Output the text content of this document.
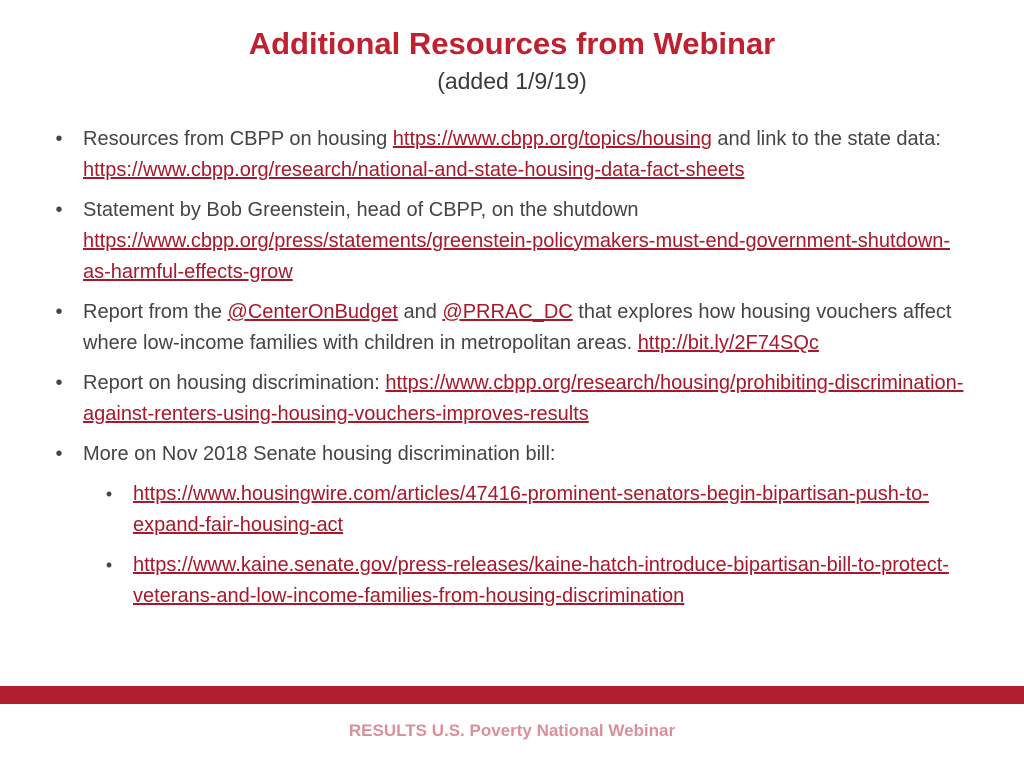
Additional Resources from Webinar
(added 1/9/19)
• Resources from CBPP on housing https://www.cbpp.org/topics/housing and link to the state data: https://www.cbpp.org/research/national-and-state-housing-data-fact-sheets
• Statement by Bob Greenstein, head of CBPP, on the shutdown https://www.cbpp.org/press/statements/greenstein-policymakers-must-end-government-shutdown-as-harmful-effects-grow
• Report from the @CenterOnBudget and @PRRAC_DC that explores how housing vouchers affect where low-income families with children in metropolitan areas. http://bit.ly/2F74SQc
• Report on housing discrimination: https://www.cbpp.org/research/housing/prohibiting-discrimination-against-renters-using-housing-vouchers-improves-results
• More on Nov 2018 Senate housing discrimination bill:
• https://www.housingwire.com/articles/47416-prominent-senators-begin-bipartisan-push-to-expand-fair-housing-act
• https://www.kaine.senate.gov/press-releases/kaine-hatch-introduce-bipartisan-bill-to-protect-veterans-and-low-income-families-from-housing-discrimination
RESULTS U.S. Poverty National Webinar
